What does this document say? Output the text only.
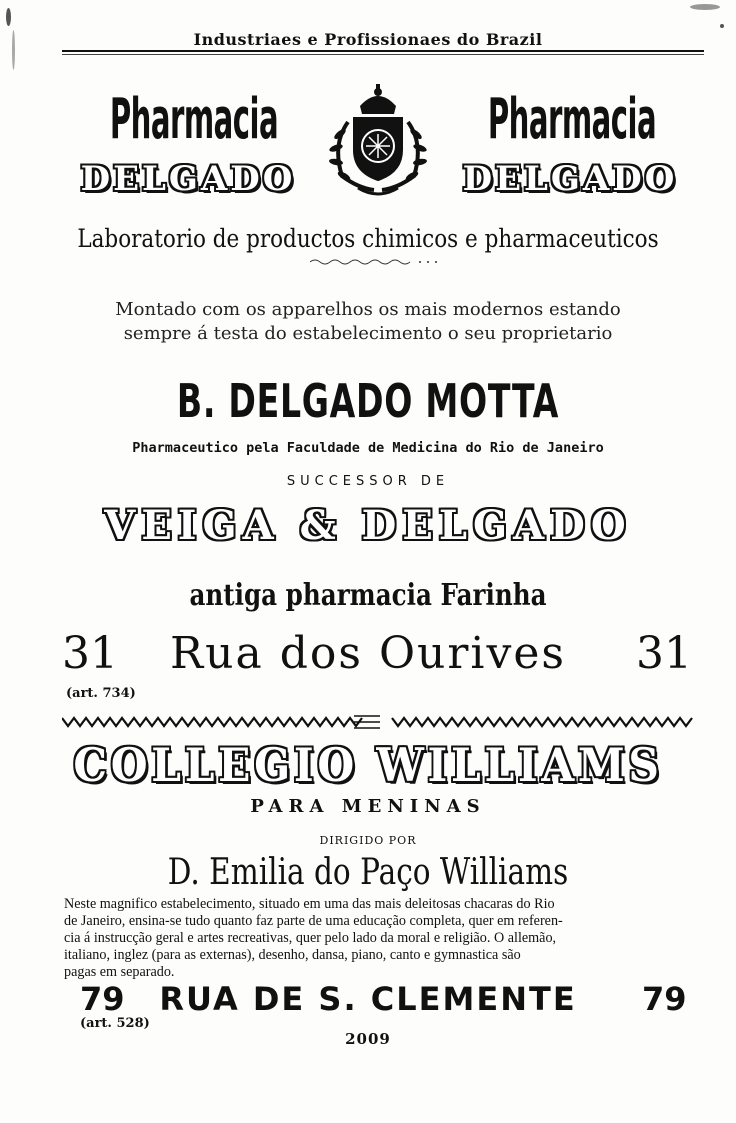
Industriaes e Profissionaes do Brazil
Pharmacia	Pharmacia
DELGADO	DELGADO
Laboratorio de productos chimicos e pharmaceuticos
Montado com os apparelhos os mais modernos estando
sempre á testa do estabelecimento o seu proprietario
B. DELGADO MOTTA
Pharmaceutico pela Faculdade de Medicina do Rio de Janeiro
SUCCESSOR DE
VEIGA & DELGADO
antiga pharmacia Farinha
31	Rua dos Ourives	31
(art. 734)
COLLEGIO WILLIAMS
PARA MENINAS
DIRIGIDO POR
D. Emilia do Paço Williams
Neste magnifico estabelecimento, situado em uma das mais deleitosas chacaras do Rio
de Janeiro, ensina-se tudo quanto faz parte de uma educação completa, quer em referen-
cia á instrucção geral e artes recreativas, quer pelo lado da moral e religião. O allemão,
italiano, inglez (para as externas), desenho, dansa, piano, canto e gymnastica são
pagas em separado.
79	RUA DE S. CLEMENTE	79
(art. 528)
2009
